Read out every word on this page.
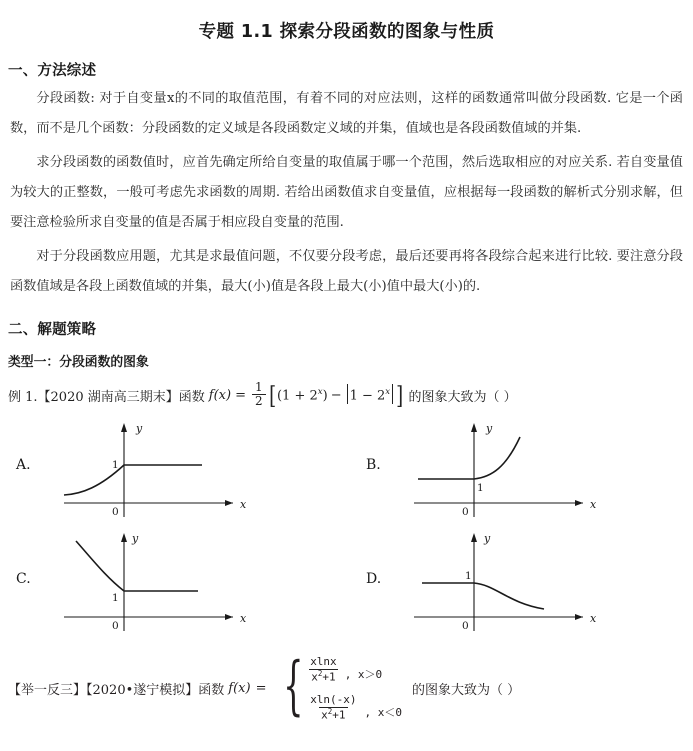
专题 1.1 探索分段函数的图象与性质
一、方法综述

分段函数: 对于自变量x的不同的取值范围，有着不同的对应法则，这样的函数通常叫做分段函数. 它是一个函数，而不是几个函数：分段函数的定义域是各段函数定义域的并集，值域也是各段函数值域的并集.

求分段函数的函数值时，应首先确定所给自变量的取值属于哪一个范围，然后选取相应的对应关系. 若自变量值为较大的正整数，一般可考虑先求函数的周期. 若给出函数值求自变量值，应根据每一段函数的解析式分别求解，但要注意检验所求自变量的值是否属于相应段自变量的范围.

对于分段函数应用题，尤其是求最值问题，不仅要分段考虑，最后还要再将各段综合起来进行比较. 要注意分段函数值域是各段上函数值域的并集，最大(小)值是各段上最大(小)值中最大(小)的.

二、解题策略
类型一：分段函数的图象
例 1.【2020 湖南高三期末】函数 f $(x) = \frac{1}{2}$ [ $(1 + 2^x) - 1 - 2^x$ ] 的图象大致为（ ）
A.
y
x
1
0
B.
y
x
1
0
C.
y
x
1
0
D.
y
x
1
0
【举一反三】【2020•遂宁模拟】函数 f (x) = { $\frac{xlnx}{x^2+1}$ , x＞0
$\frac{xln(-x)}{x^2+1}$ , x＜0
的图象大致为（ ）
